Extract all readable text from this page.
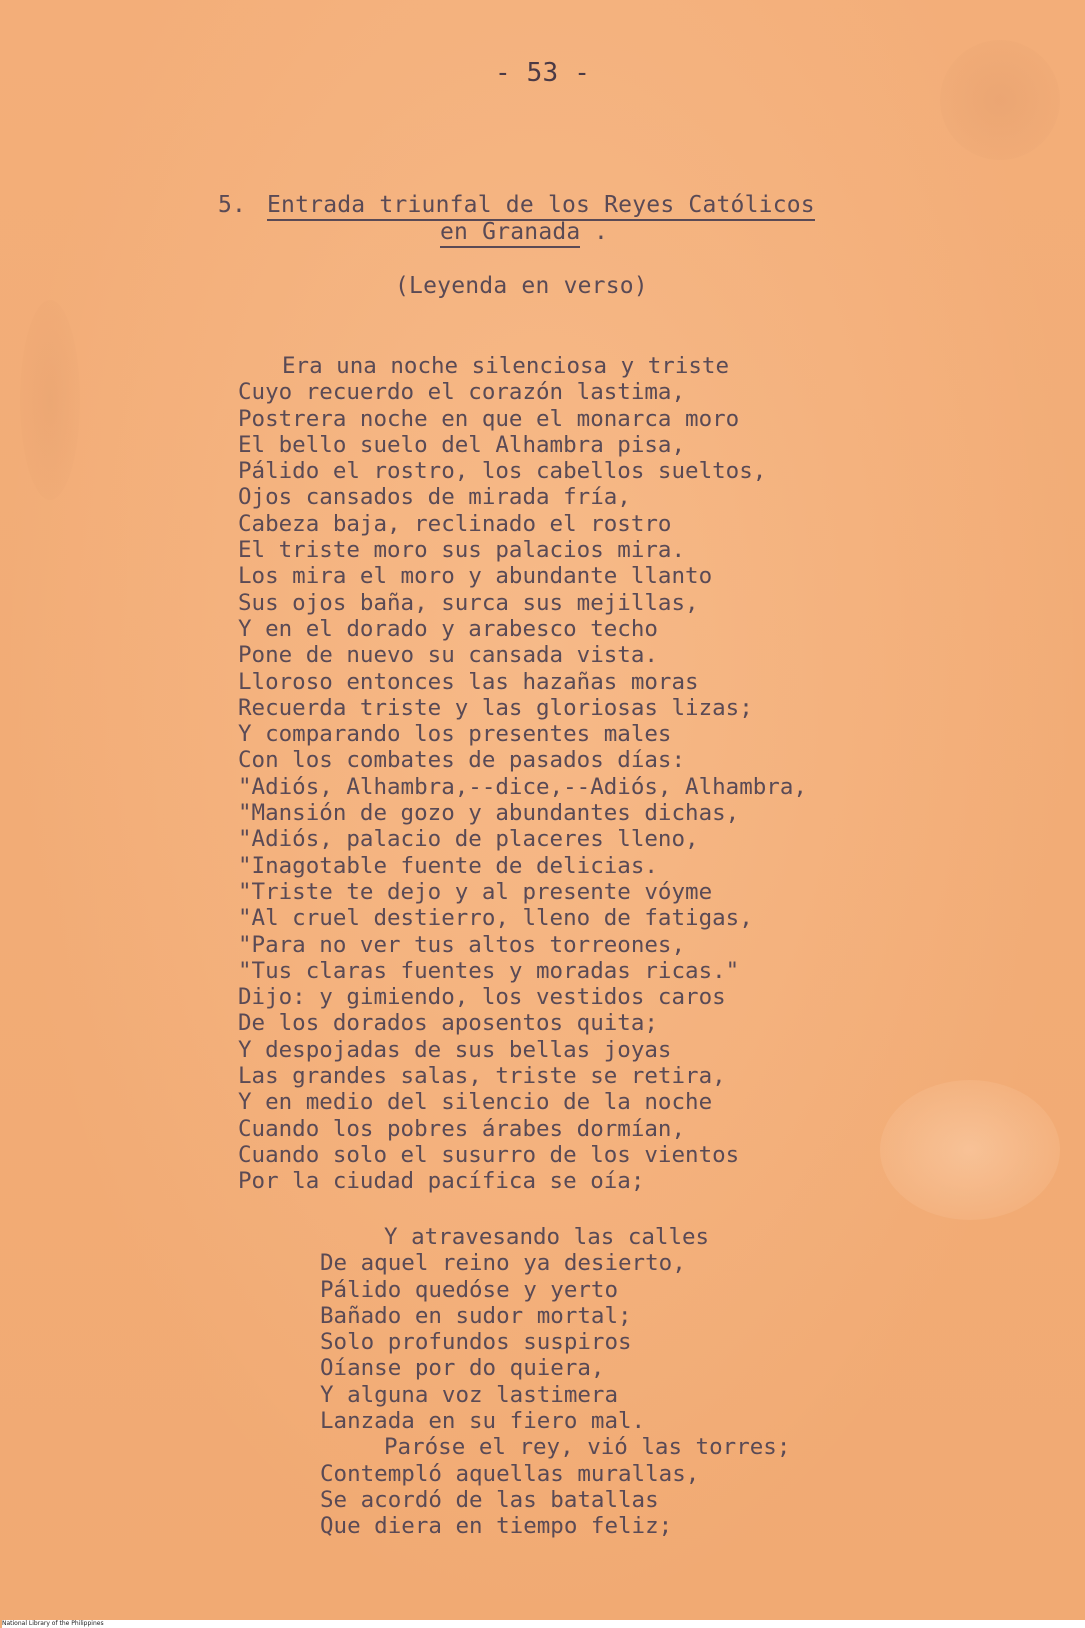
- 53 -
5. Entrada triunfal de los Reyes Católicos
en Granada .
(Leyenda en verso)
Era una noche silenciosa y triste
Cuyo recuerdo el corazón lastima,
Postrera noche en que el monarca moro
El bello suelo del Alhambra pisa,
Pálido el rostro, los cabellos sueltos,
Ojos cansados de mirada fría,
Cabeza baja, reclinado el rostro
El triste moro sus palacios mira.
Los mira el moro y abundante llanto
Sus ojos baña, surca sus mejillas,
Y en el dorado y arabesco techo
Pone de nuevo su cansada vista.
Lloroso entonces las hazañas moras
Recuerda triste y las gloriosas lizas;
Y comparando los presentes males
Con los combates de pasados días:
"Adiós, Alhambra,--dice,--Adiós, Alhambra,
"Mansión de gozo y abundantes dichas,
"Adiós, palacio de placeres lleno,
"Inagotable fuente de delicias.
"Triste te dejo y al presente vóyme
"Al cruel destierro, lleno de fatigas,
"Para no ver tus altos torreones,
"Tus claras fuentes y moradas ricas."
Dijo: y gimiendo, los vestidos caros
De los dorados aposentos quita;
Y despojadas de sus bellas joyas
Las grandes salas, triste se retira,
Y en medio del silencio de la noche
Cuando los pobres árabes dormían,
Cuando solo el susurro de los vientos
Por la ciudad pacífica se oía;
Y atravesando las calles
De aquel reino ya desierto,
Pálido quedóse y yerto
Bañado en sudor mortal;
Solo profundos suspiros
Oíanse por do quiera,
Y alguna voz lastimera
Lanzada en su fiero mal.
Paróse el rey, vió las torres;
Contempló aquellas murallas,
Se acordó de las batallas
Que diera en tiempo feliz;
National Library of the Philippines
